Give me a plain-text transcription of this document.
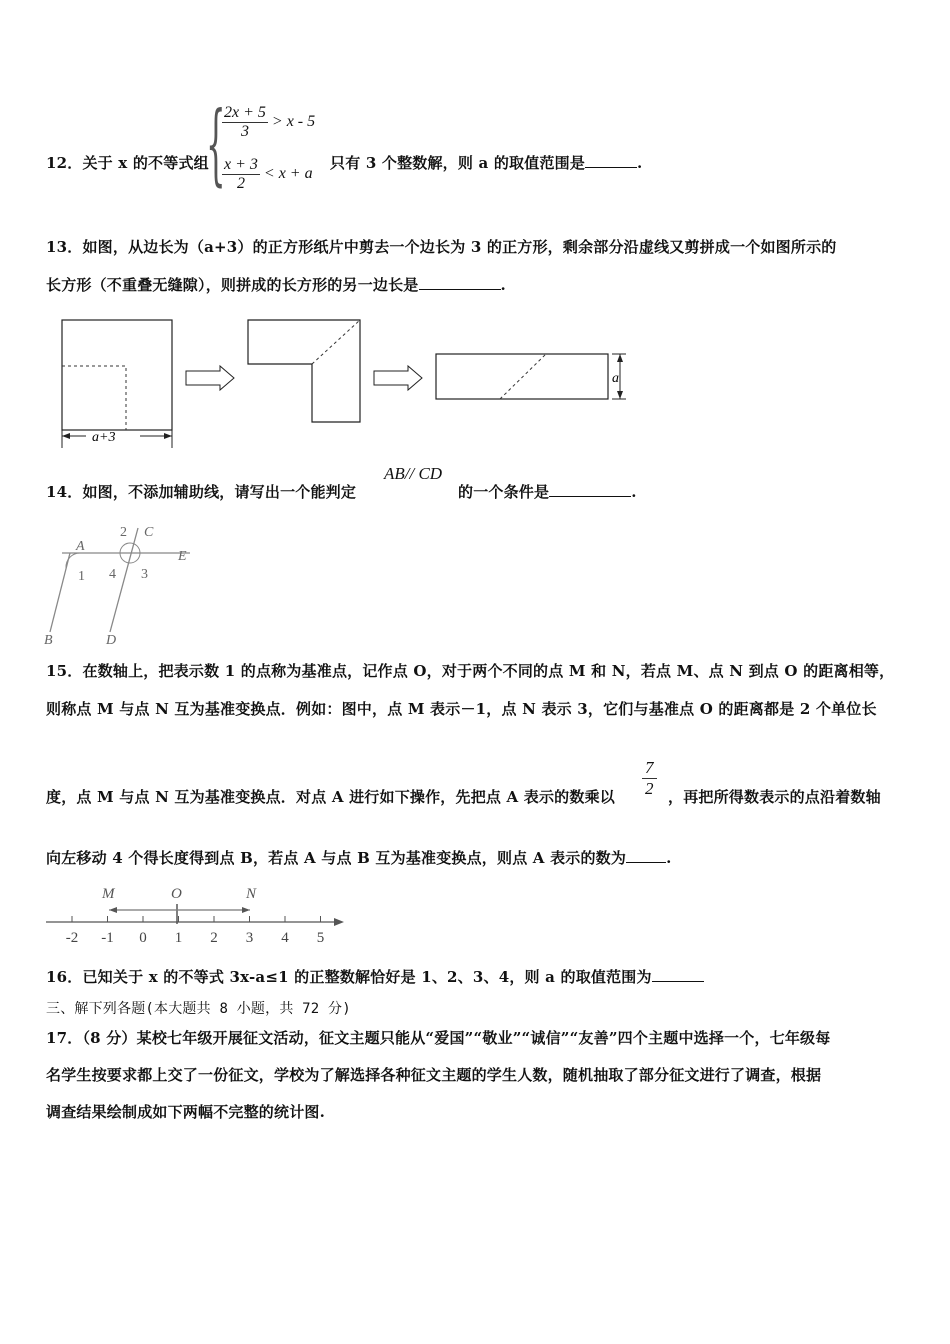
12．关于 x 的不等式组
{
$\frac{2x + 5}{3} > x - 5$
$\frac{x + 3}{2} < x + a$
只有 3 个整数解，则 a 的取值范围是	.
13．如图，从边长为（a+3）的正方形纸片中剪去一个边长为 3 的正方形，剩余部分沿虚线又剪拼成一个如图所示的
长方形（不重叠无缝隙），则拼成的长方形的另一边长是	.
a+3
a
14．如图，不添加辅助线，请写出一个能判定
AB// CD
的一个条件是	.
A
B
C
D
E
1
2
3
4
15．在数轴上，把表示数 1 的点称为基准点，记作点 O，对于两个不同的点 M 和 N，若点 M、点 N 到点 O 的距离相等，
则称点 M 与点 N 互为基准变换点．例如：图中，点 M 表示－1，点 N 表示 3，它们与基准点 O 的距离都是 2 个单位长
度，点 M 与点 N 互为基准变换点．对点 A 进行如下操作，先把点 A 表示的数乘以 $\frac{7}{2}$ ，再把所得数表示的点沿着数轴
向左移动 4 个得长度得到点 B，若点 A 与点 B 互为基准变换点，则点 A 表示的数为	.
-2 -1 0 1 2 3 4 5
M	O	N
16．已知关于 x 的不等式 3x-a≤1 的正整数解恰好是 1、2、3、4，则 a 的取值范围为
三、解下列各题(本大题共 8 小题，共 72 分)
17．（8 分）某校七年级开展征文活动，征文主题只能从“爱国”“敬业”“诚信”“友善”四个主题中选择一个，七年级每
名学生按要求都上交了一份征文，学校为了解选择各种征文主题的学生人数，随机抽取了部分征文进行了调查，根据
调查结果绘制成如下两幅不完整的统计图.
